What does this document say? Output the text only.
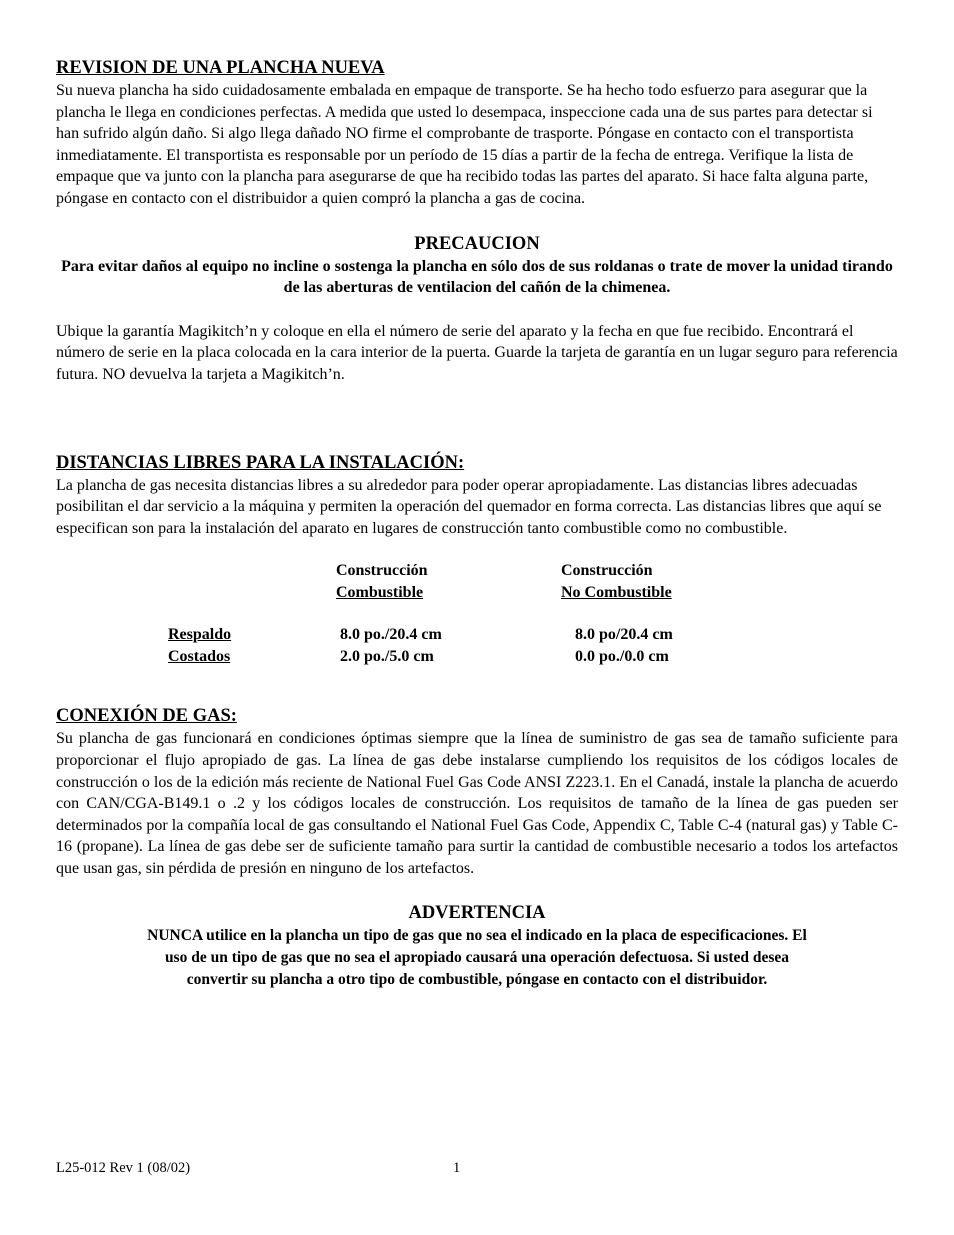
REVISION DE UNA PLANCHA NUEVA

Su nueva plancha ha sido cuidadosamente embalada en empaque de transporte. Se ha hecho todo esfuerzo para asegurar que la plancha le llega en condiciones perfectas. A medida que usted lo desempaca, inspeccione cada una de sus partes para detectar si han sufrido algún daño. Si algo llega dañado NO firme el comprobante de trasporte. Póngase en contacto con el transportista inmediatamente. El transportista es responsable por un período de 15 días a partir de la fecha de entrega. Verifique la lista de empaque que va junto con la plancha para asegurarse de que ha recibido todas las partes del aparato. Si hace falta alguna parte, póngase en contacto con el distribuidor a quien compró la plancha a gas de cocina.

PRECAUCION

Para evitar daños al equipo no incline o sostenga la plancha en sólo dos de sus roldanas o trate de mover la unidad tirando de las aberturas de ventilacion del cañón de la chimenea.

Ubique la garantía Magikitch’n y coloque en ella el número de serie del aparato y la fecha en que fue recibido. Encontrará el número de serie en la placa colocada en la cara interior de la puerta. Guarde la tarjeta de garantía en un lugar seguro para referencia futura. NO devuelva la tarjeta a Magikitch’n.

DISTANCIAS LIBRES PARA LA INSTALACIÓN:

La plancha de gas necesita distancias libres a su alrededor para poder operar apropiadamente. Las distancias libres adecuadas posibilitan el dar servicio a la máquina y permiten la operación del quemador en forma correcta. Las distancias libres que aquí se especifican son para la instalación del aparato en lugares de construcción tanto combustible como no combustible.

		Construcción	Construcción
		Combustible	No Combustible

	Respaldo	8.0 po./20.4 cm	8.0 po/20.4 cm
	Costados	2.0 po./5.0 cm	0.0 po./0.0 cm
CONEXIÓN DE GAS:

Su plancha de gas funcionará en condiciones óptimas siempre que la línea de suministro de gas sea de tamaño suficiente para proporcionar el flujo apropiado de gas. La línea de gas debe instalarse cumpliendo los requisitos de los códigos locales de construcción o los de la edición más reciente de National Fuel Gas Code ANSI Z223.1. En el Canadá, instale la plancha de acuerdo con CAN/CGA-B149.1 o .2 y los códigos locales de construcción. Los requisitos de tamaño de la línea de gas pueden ser determinados por la compañía local de gas consultando el National Fuel Gas Code, Appendix C, Table C-4 (natural gas) y Table C-16 (propane). La línea de gas debe ser de suficiente tamaño para surtir la cantidad de combustible necesario a todos los artefactos que usan gas, sin pérdida de presión en ninguno de los artefactos.

ADVERTENCIA
NUNCA utilice en la plancha un tipo de gas que no sea el indicado en la placa de especificaciones. El
uso de un tipo de gas que no sea el apropiado causará una operación defectuosa. Si usted desea
convertir su plancha a otro tipo de combustible, póngase en contacto con el distribuidor.
L25-012 Rev 1 (08/02)	1
